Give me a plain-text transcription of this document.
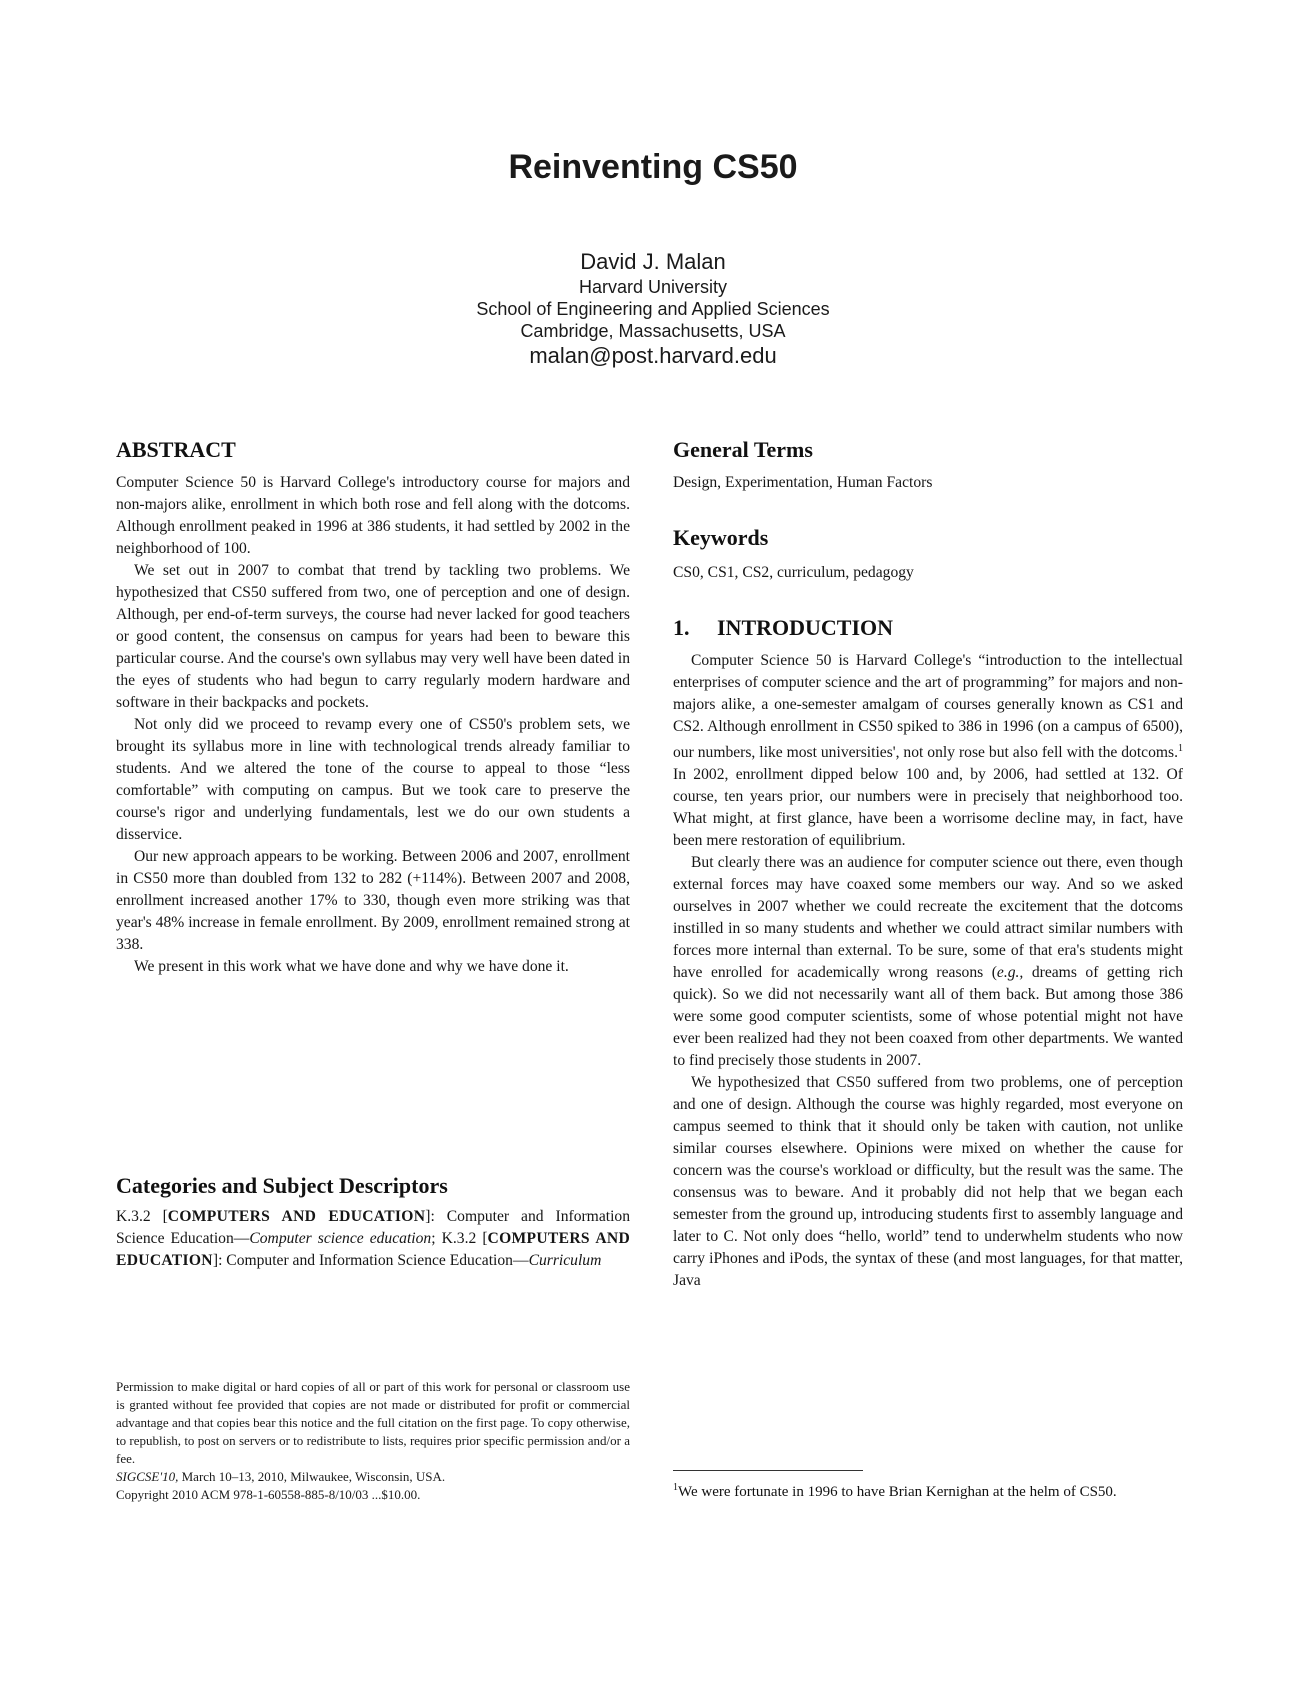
Reinventing CS50
David J. Malan
Harvard University
School of Engineering and Applied Sciences
Cambridge, Massachusetts, USA
malan@post.harvard.edu
ABSTRACT

Computer Science 50 is Harvard College's introductory course for majors and non-majors alike, enrollment in which both rose and fell along with the dotcoms. Although enrollment peaked in 1996 at 386 students, it had settled by 2002 in the neighborhood of 100.

We set out in 2007 to combat that trend by tackling two problems. We hypothesized that CS50 suffered from two, one of perception and one of design. Although, per end-of-term surveys, the course had never lacked for good teachers or good content, the consensus on campus for years had been to beware this particular course. And the course's own syllabus may very well have been dated in the eyes of students who had begun to carry regularly modern hardware and software in their backpacks and pockets.

Not only did we proceed to revamp every one of CS50's problem sets, we brought its syllabus more in line with technological trends already familiar to students. And we altered the tone of the course to appeal to those “less comfortable” with computing on campus. But we took care to preserve the course's rigor and underlying fundamentals, lest we do our own students a disservice.

Our new approach appears to be working. Between 2006 and 2007, enrollment in CS50 more than doubled from 132 to 282 (+114%). Between 2007 and 2008, enrollment increased another 17% to 330, though even more striking was that year's 48% increase in female enrollment. By 2009, enrollment remained strong at 338.

We present in this work what we have done and why we have done it.

Categories and Subject Descriptors

K.3.2 [COMPUTERS AND EDUCATION]: Computer and Information Science Education—Computer science education; K.3.2 [COMPUTERS AND EDUCATION]: Computer and Information Science Education—Curriculum

Permission to make digital or hard copies of all or part of this work for personal or classroom use is granted without fee provided that copies are not made or distributed for profit or commercial advantage and that copies bear this notice and the full citation on the first page. To copy otherwise, to republish, to post on servers or to redistribute to lists, requires prior specific permission and/or a fee.

SIGCSE'10, March 10–13, 2010, Milwaukee, Wisconsin, USA.

Copyright 2010 ACM 978-1-60558-885-8/10/03 ...$10.00.

General Terms

Design, Experimentation, Human Factors

Keywords

CS0, CS1, CS2, curriculum, pedagogy

1. INTRODUCTION

Computer Science 50 is Harvard College's “introduction to the intellectual enterprises of computer science and the art of programming” for majors and non-majors alike, a one-semester amalgam of courses generally known as CS1 and CS2. Although enrollment in CS50 spiked to 386 in 1996 (on a campus of 6500), our numbers, like most universities', not only rose but also fell with the dotcoms.$^1$ In 2002, enrollment dipped below 100 and, by 2006, had settled at 132. Of course, ten years prior, our numbers were in precisely that neighborhood too. What might, at first glance, have been a worrisome decline may, in fact, have been mere restoration of equilibrium.

But clearly there was an audience for computer science out there, even though external forces may have coaxed some members our way. And so we asked ourselves in 2007 whether we could recreate the excitement that the dotcoms instilled in so many students and whether we could attract similar numbers with forces more internal than external. To be sure, some of that era's students might have enrolled for academically wrong reasons (e.g., dreams of getting rich quick). So we did not necessarily want all of them back. But among those 386 were some good computer scientists, some of whose potential might not have ever been realized had they not been coaxed from other departments. We wanted to find precisely those students in 2007.

We hypothesized that CS50 suffered from two problems, one of perception and one of design. Although the course was highly regarded, most everyone on campus seemed to think that it should only be taken with caution, not unlike similar courses elsewhere. Opinions were mixed on whether the cause for concern was the course's workload or difficulty, but the result was the same. The consensus was to beware. And it probably did not help that we began each semester from the ground up, introducing students first to assembly language and later to C. Not only does “hello, world” tend to underwhelm students who now carry iPhones and iPods, the syntax of these (and most languages, for that matter, Java

$^1$We were fortunate in 1996 to have Brian Kernighan at the helm of CS50.
